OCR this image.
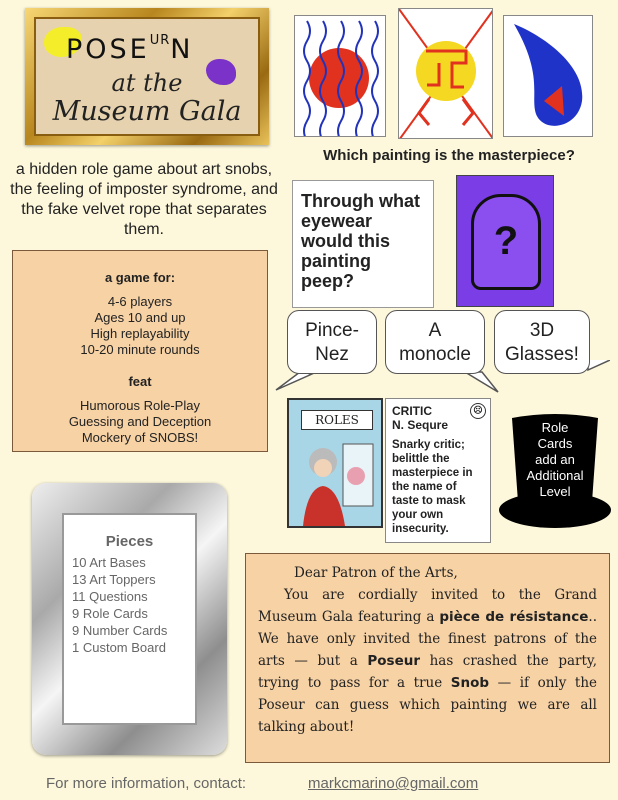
$POSE^{UR}N$
at the
Museum Gala
Which painting is the masterpiece?
a hidden role game about art snobs, the feeling of imposter syndrome, and the fake velvet rope that separates them.
a game for:
4-6 players
Ages 10 and up
High replayability
10-20 minute rounds
feat
Humorous Role-Play
Guessing and Deception
Mockery of SNOBS!
Through what eyewear would this painting peep?
?
Pince-
Nez
A
monocle
3D
Glasses!
ROLES
CRITIC
N. Sequre
☹
Snarky critic; belittle the masterpiece in the name of taste to mask your own insecurity.
Role
Cards
add an
Additional
Level
Pieces
10 Art Bases
13 Art Toppers
11 Questions
9 Role Cards
9 Number Cards
1 Custom Board
Dear Patron of the Arts,

You are cordially invited to the Grand Museum Gala featuring a pièce de résistance.. We have only invited the finest patrons of the arts — but a Poseur has crashed the party, trying to pass for a true Snob — if only the Poseur can guess which painting we are all talking about!

For more information, contact:	markcmarino@gmail.com
